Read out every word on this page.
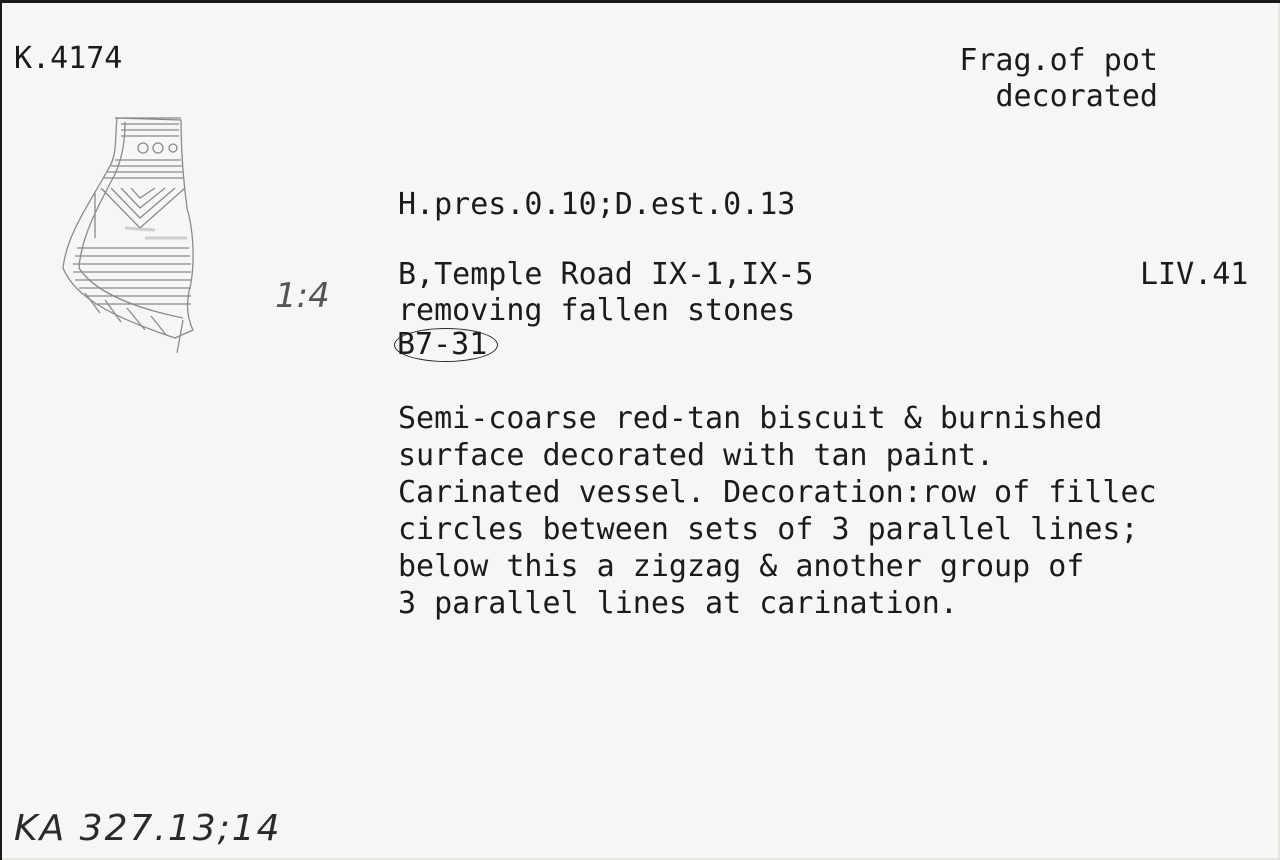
K.4174	Frag.of pot

decorated

1:4

H.pres.0.10;D.est.0.13

B,Temple Road IX-1,IX-5	LIV.41

removing fallen stones

B7-31

Semi-coarse red-tan biscuit & burnished

surface decorated with tan paint.

Carinated vessel. Decoration:row of fillec

circles between sets of 3 parallel lines;

below this a zigzag & another group of

3 parallel lines at carination.

KA 327.13;14
